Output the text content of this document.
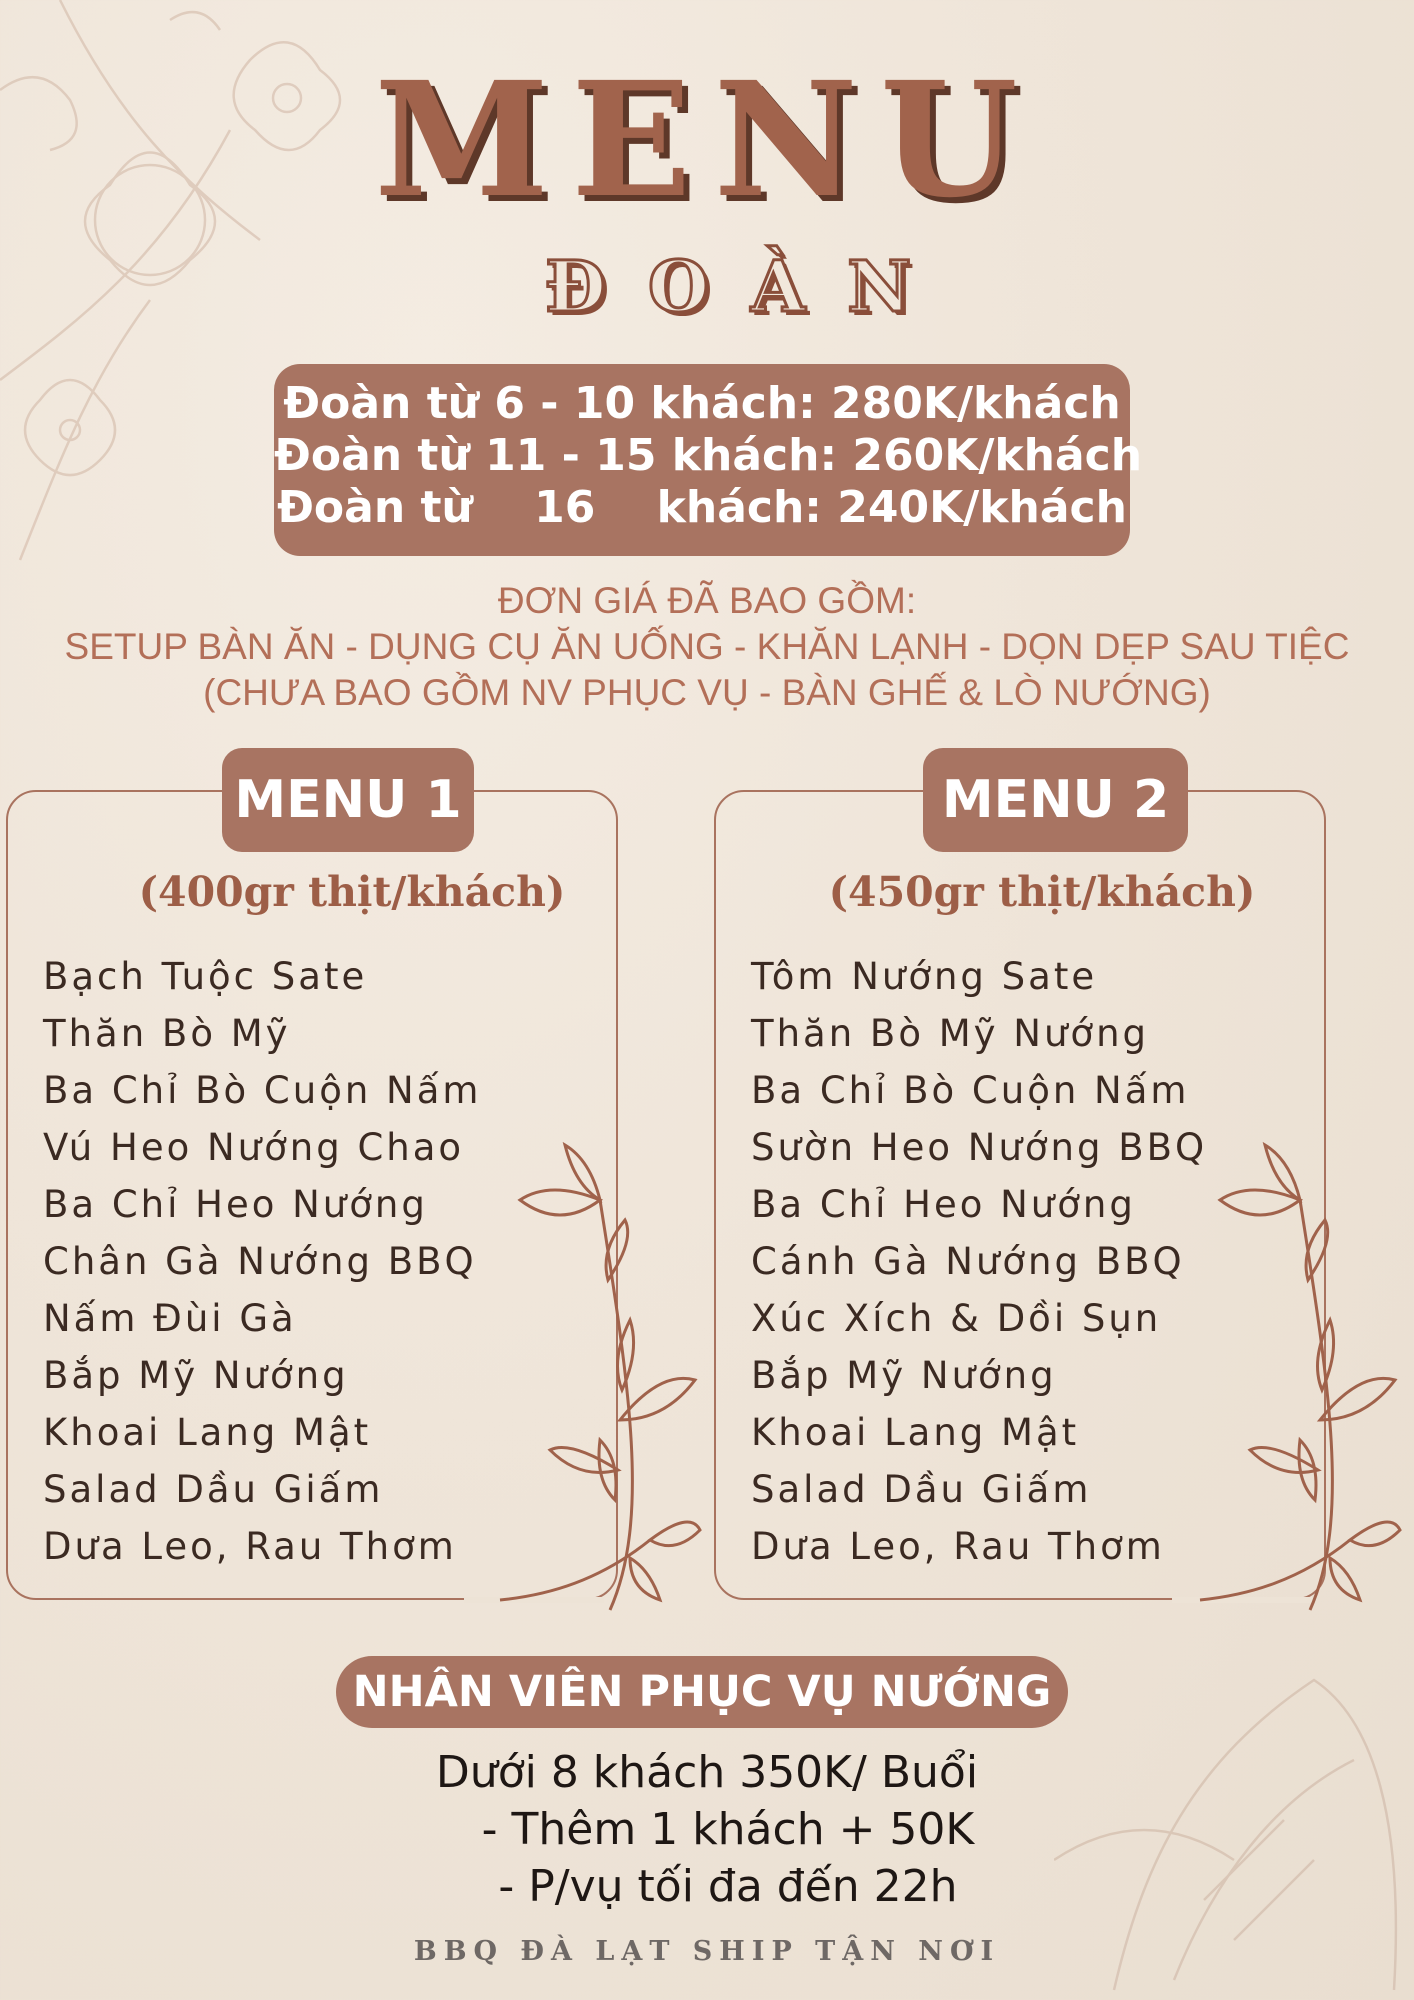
MENU
ĐOÀN
Đoàn từ 6 - 10 khách: 280K/khách
Đoàn từ 11 - 15 khách: 260K/khách
Đoàn từ    16    khách: 240K/khách
ĐƠN GIÁ ĐÃ BAO GỒM:
SETUP BÀN ĂN - DỤNG CỤ ĂN UỐNG - KHĂN LẠNH - DỌN DẸP SAU TIỆC
(CHƯA BAO GỒM NV PHỤC VỤ - BÀN GHẾ & LÒ NƯỚNG)
MENU 1
(400gr thịt/khách)
Bạch Tuộc Sate
Thăn Bò Mỹ
Ba Chỉ Bò Cuộn Nấm
Vú Heo Nướng Chao
Ba Chỉ Heo Nướng
Chân Gà Nướng BBQ
Nấm Đùi Gà
Bắp Mỹ Nướng
Khoai Lang Mật
Salad Dầu Giấm
Dưa Leo, Rau Thơm
MENU 2
(450gr thịt/khách)
Tôm Nướng Sate
Thăn Bò Mỹ Nướng
Ba Chỉ Bò Cuộn Nấm
Sườn Heo Nướng BBQ
Ba Chỉ Heo Nướng
Cánh Gà Nướng BBQ
Xúc Xích & Dồi Sụn
Bắp Mỹ Nướng
Khoai Lang Mật
Salad Dầu Giấm
Dưa Leo, Rau Thơm
NHÂN VIÊN PHỤC VỤ NƯỚNG
Dưới 8 khách 350K/ Buổi
- Thêm 1 khách + 50K
- P/vụ tối đa đến 22h
BBQ ĐÀ LẠT SHIP TẬN NƠI
